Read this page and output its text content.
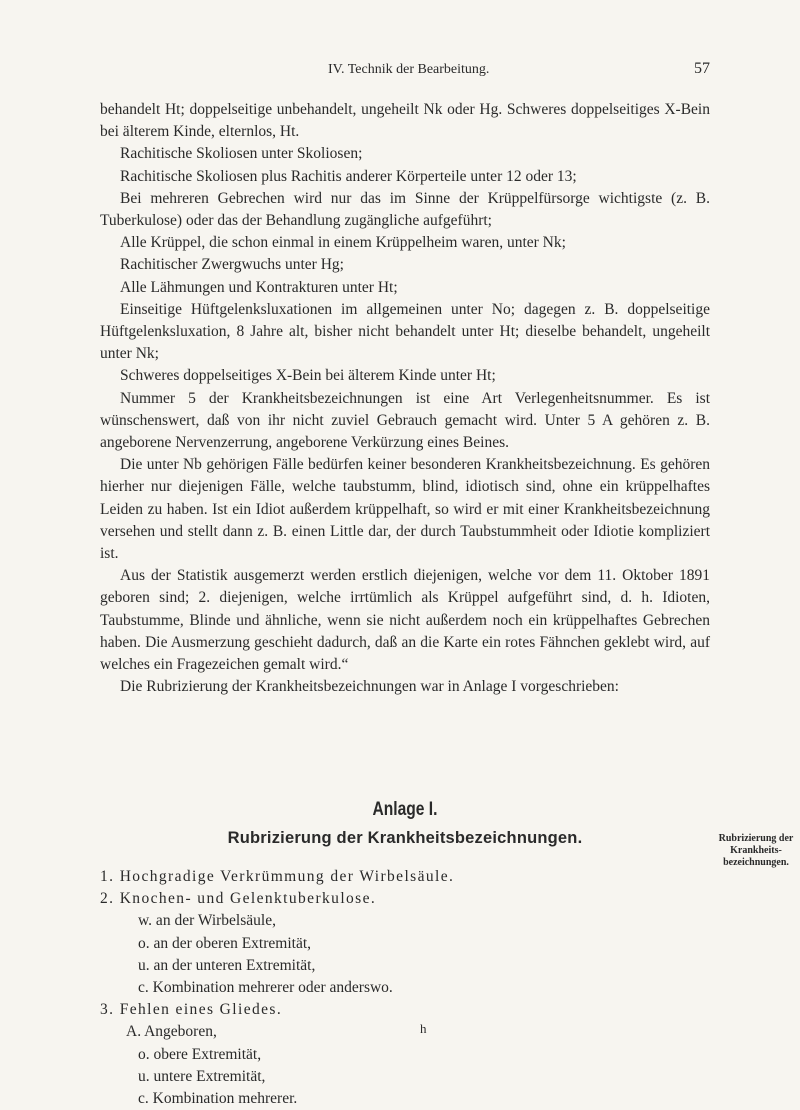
IV. Technik der Bearbeitung.	57

behandelt Ht; doppelseitige unbehandelt, ungeheilt Nk oder Hg. Schweres doppelseitiges X-Bein bei älterem Kinde, elternlos, Ht.

Rachitische Skoliosen unter Skoliosen;

Rachitische Skoliosen plus Rachitis anderer Körperteile unter 12 oder 13;

Bei mehreren Gebrechen wird nur das im Sinne der Krüppelfürsorge wichtigste (z. B. Tuberkulose) oder das der Behandlung zugängliche aufgeführt;

Alle Krüppel, die schon einmal in einem Krüppelheim waren, unter Nk;

Rachitischer Zwergwuchs unter Hg;

Alle Lähmungen und Kontrakturen unter Ht;

Einseitige Hüftgelenksluxationen im allgemeinen unter No; dagegen z. B. doppelseitige Hüftgelenksluxation, 8 Jahre alt, bisher nicht behandelt unter Ht; dieselbe behandelt, ungeheilt unter Nk;

Schweres doppelseitiges X-Bein bei älterem Kinde unter Ht;

Nummer 5 der Krankheitsbezeichnungen ist eine Art Verlegenheitsnummer. Es ist wünschenswert, daß von ihr nicht zuviel Gebrauch gemacht wird. Unter 5 A gehören z. B. angeborene Nervenzerrung, angeborene Verkürzung eines Beines.

Die unter Nb gehörigen Fälle bedürfen keiner besonderen Krankheitsbezeichnung. Es gehören hierher nur diejenigen Fälle, welche taubstumm, blind, idiotisch sind, ohne ein krüppelhaftes Leiden zu haben. Ist ein Idiot außerdem krüppelhaft, so wird er mit einer Krankheitsbezeichnung versehen und stellt dann z. B. einen Little dar, der durch Taubstummheit oder Idiotie kompliziert ist.

Aus der Statistik ausgemerzt werden erstlich diejenigen, welche vor dem 11. Oktober 1891 geboren sind; 2. diejenigen, welche irrtümlich als Krüppel aufgeführt sind, d. h. Idioten, Taubstumme, Blinde und ähnliche, wenn sie nicht außerdem noch ein krüppelhaftes Gebrechen haben. Die Ausmerzung geschieht dadurch, daß an die Karte ein rotes Fähnchen geklebt wird, auf welches ein Fragezeichen gemalt wird.“

Die Rubrizierung der Krankheitsbezeichnungen war in Anlage I vorgeschrieben:

Anlage I.
Rubrizierung der Krankheitsbezeichnungen.	Rubrizierung der Krankheits-bezeichnungen.
1. Hochgradige Verkrümmung der Wirbelsäule.
2. Knochen- und Gelenktuberkulose.
w. an der Wirbelsäule,
o. an der oberen Extremität,
u. an der unteren Extremität,
c. Kombination mehrerer oder anderswo.
3. Fehlen eines Gliedes.
A. Angeboren,
o. obere Extremität,
u. untere Extremität,
c. Kombination mehrerer.
h
